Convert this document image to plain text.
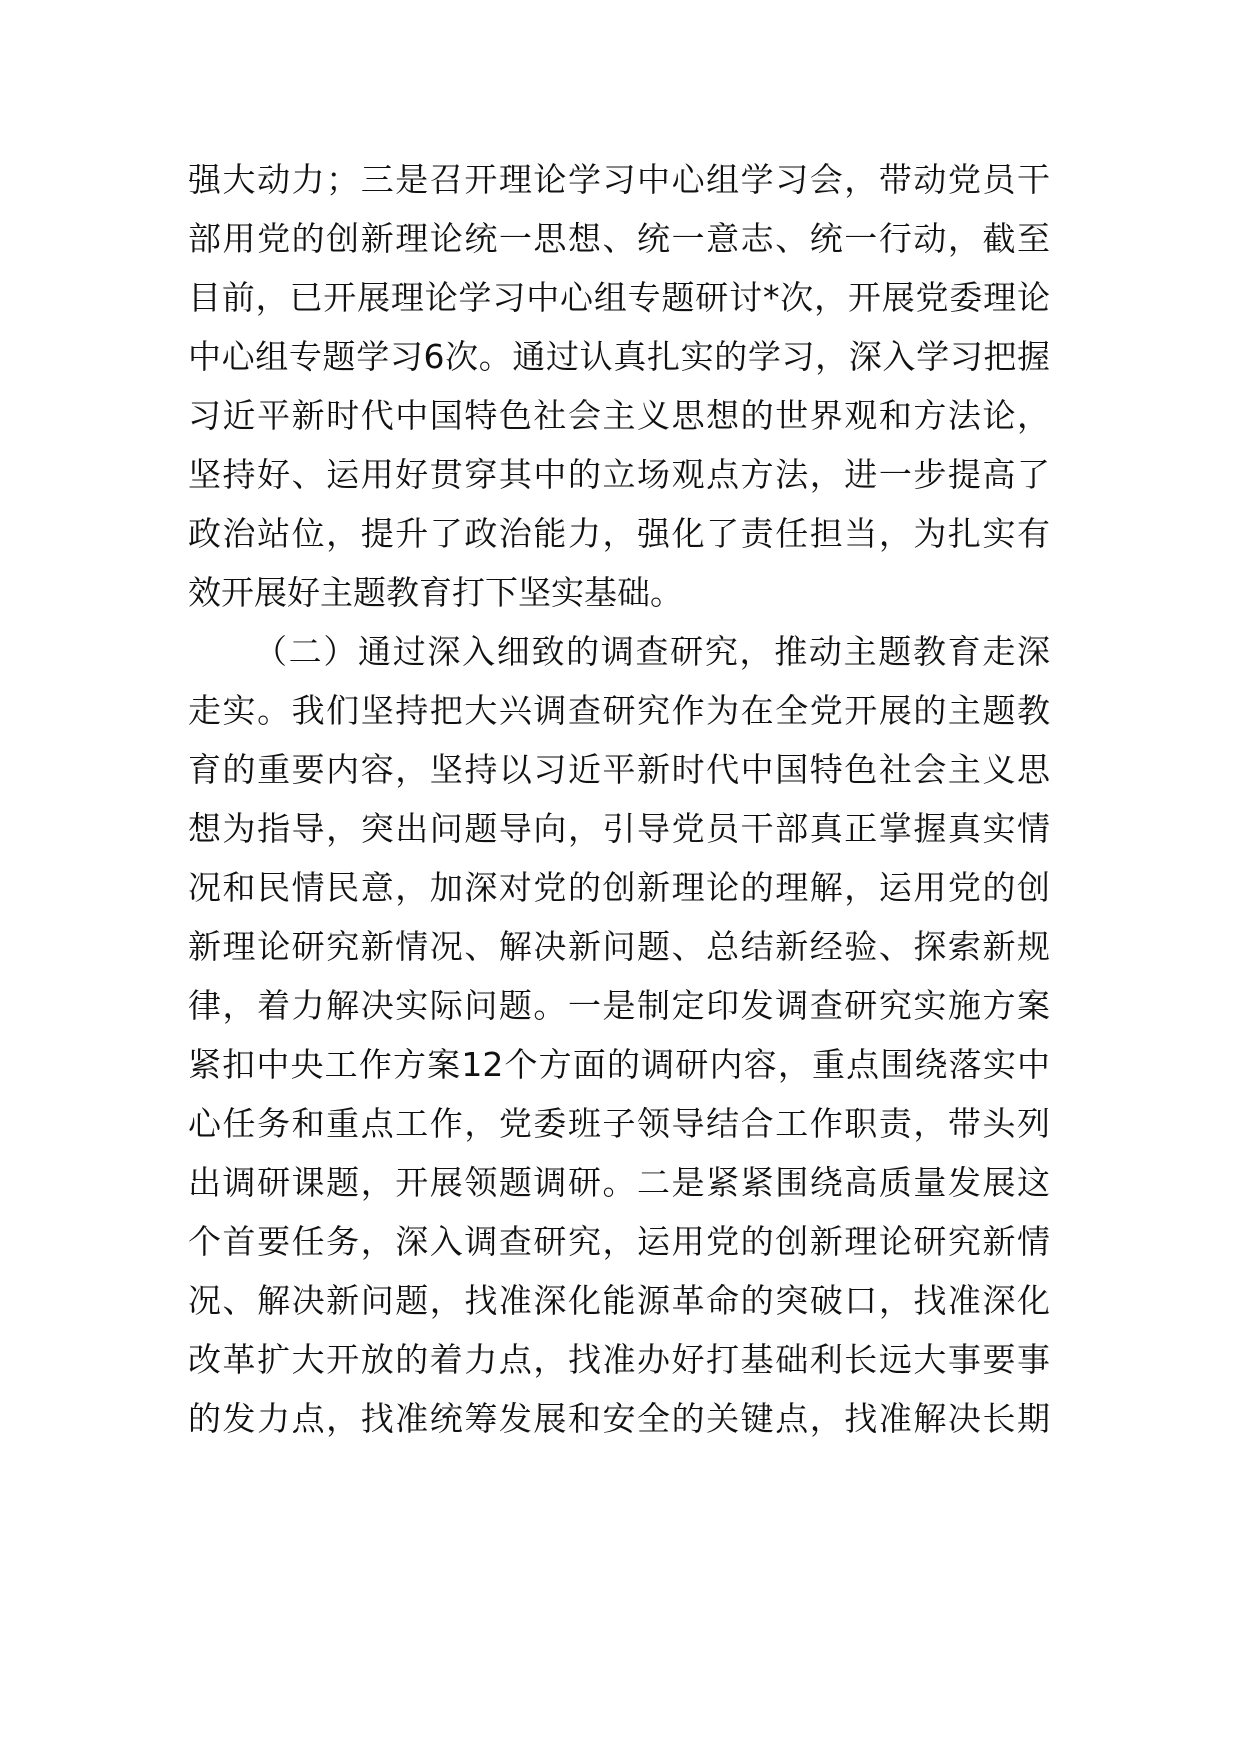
强大动力；三是召开理论学习中心组学习会，带动党员干
部用党的创新理论统一思想、统一意志、统一行动，截至
目前，已开展理论学习中心组专题研讨*次，开展党委理论
中心组专题学习6次。通过认真扎实的学习，深入学习把握
习近平新时代中国特色社会主义思想的世界观和方法论，
坚持好、运用好贯穿其中的立场观点方法，进一步提高了
政治站位，提升了政治能力，强化了责任担当，为扎实有
效开展好主题教育打下坚实基础。
（二）通过深入细致的调查研究，推动主题教育走深
走实。我们坚持把大兴调查研究作为在全党开展的主题教
育的重要内容，坚持以习近平新时代中国特色社会主义思
想为指导，突出问题导向，引导党员干部真正掌握真实情
况和民情民意，加深对党的创新理论的理解，运用党的创
新理论研究新情况、解决新问题、总结新经验、探索新规
律，着力解决实际问题。一是制定印发调查研究实施方案
紧扣中央工作方案12个方面的调研内容，重点围绕落实中
心任务和重点工作，党委班子领导结合工作职责，带头列
出调研课题，开展领题调研。二是紧紧围绕高质量发展这
个首要任务，深入调查研究，运用党的创新理论研究新情
况、解决新问题，找准深化能源革命的突破口，找准深化
改革扩大开放的着力点，找准办好打基础利长远大事要事
的发力点，找准统筹发展和安全的关键点，找准解决长期
